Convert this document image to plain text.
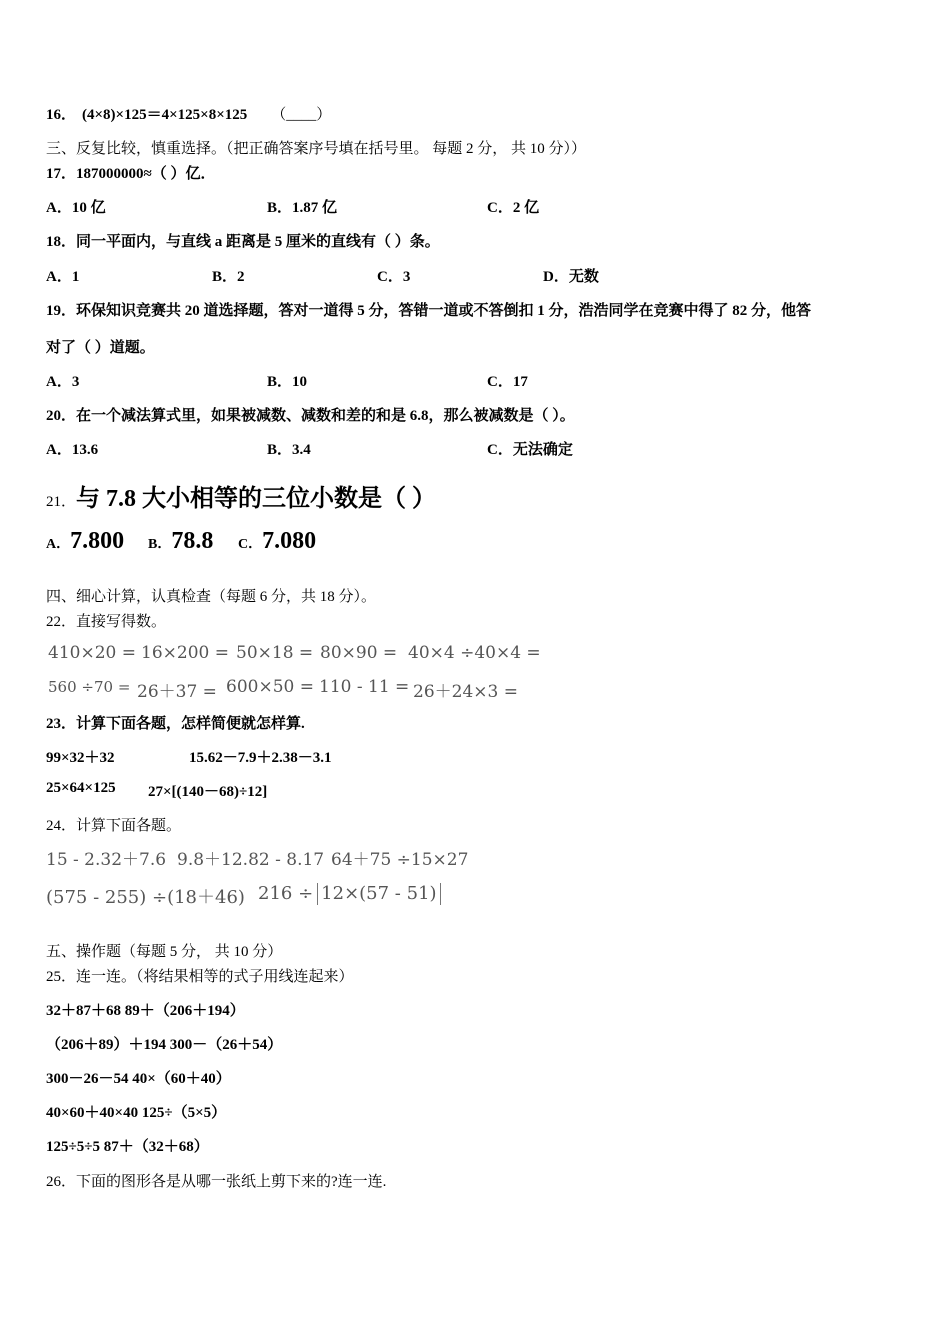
16． (4×8)×125＝4×125×8×125 （____）
三、反复比较，慎重选择。（把正确答案序号填在括号里。 每题 2 分， 共 10 分））
17．187000000≈（ ）亿．
A．10 亿	B．1.87 亿	C．2 亿
18．同一平面内，与直线 a 距离是 5 厘米的直线有（ ）条。
A．1	B．2	C．3	D．无数
19．环保知识竞赛共 20 道选择题，答对一道得 5 分，答错一道或不答倒扣 1 分，浩浩同学在竞赛中得了 82 分，他答
对了（ ）道题。
A．3	B．10	C．17
20．在一个减法算式里，如果被减数、减数和差的和是 6.8，那么被减数是（ ）。
A．13.6	B．3.4	C．无法确定
21．与 7.8 大小相等的三位小数是（ ）
A．7.800 B．78.8 C．7.080
四、细心计算，认真检查（每题 6 分，共 18 分）。
22．直接写得数。
410×20 = 16×200 = 50×18 = 80×90 = 40×4 ÷40×4 =
560 ÷70 = 26＋37 = 600×50 = 110 - 11 = 26＋24×3 =
23．计算下面各题，怎样简便就怎样算.
99×32＋32	15.62－7.9＋2.38－3.1
25×64×125 27×[(140－68)÷12]
24．计算下面各题。
15 - 2.32＋7.6 9.8＋12.82 - 8.17 64＋75 ÷15×27
(575 - 255) ÷(18＋46) 216 ÷ 12×(57 - 51)
五、操作题（每题 5 分， 共 10 分）
25．连一连。（将结果相等的式子用线连起来）
32＋87＋68 89＋（206＋194）
（206＋89）＋194 300－（26＋54）
300－26－54 40×（60＋40）
40×60＋40×40 125÷（5×5）
125÷5÷5 87＋（32＋68）
26．下面的图形各是从哪一张纸上剪下来的?连一连.
